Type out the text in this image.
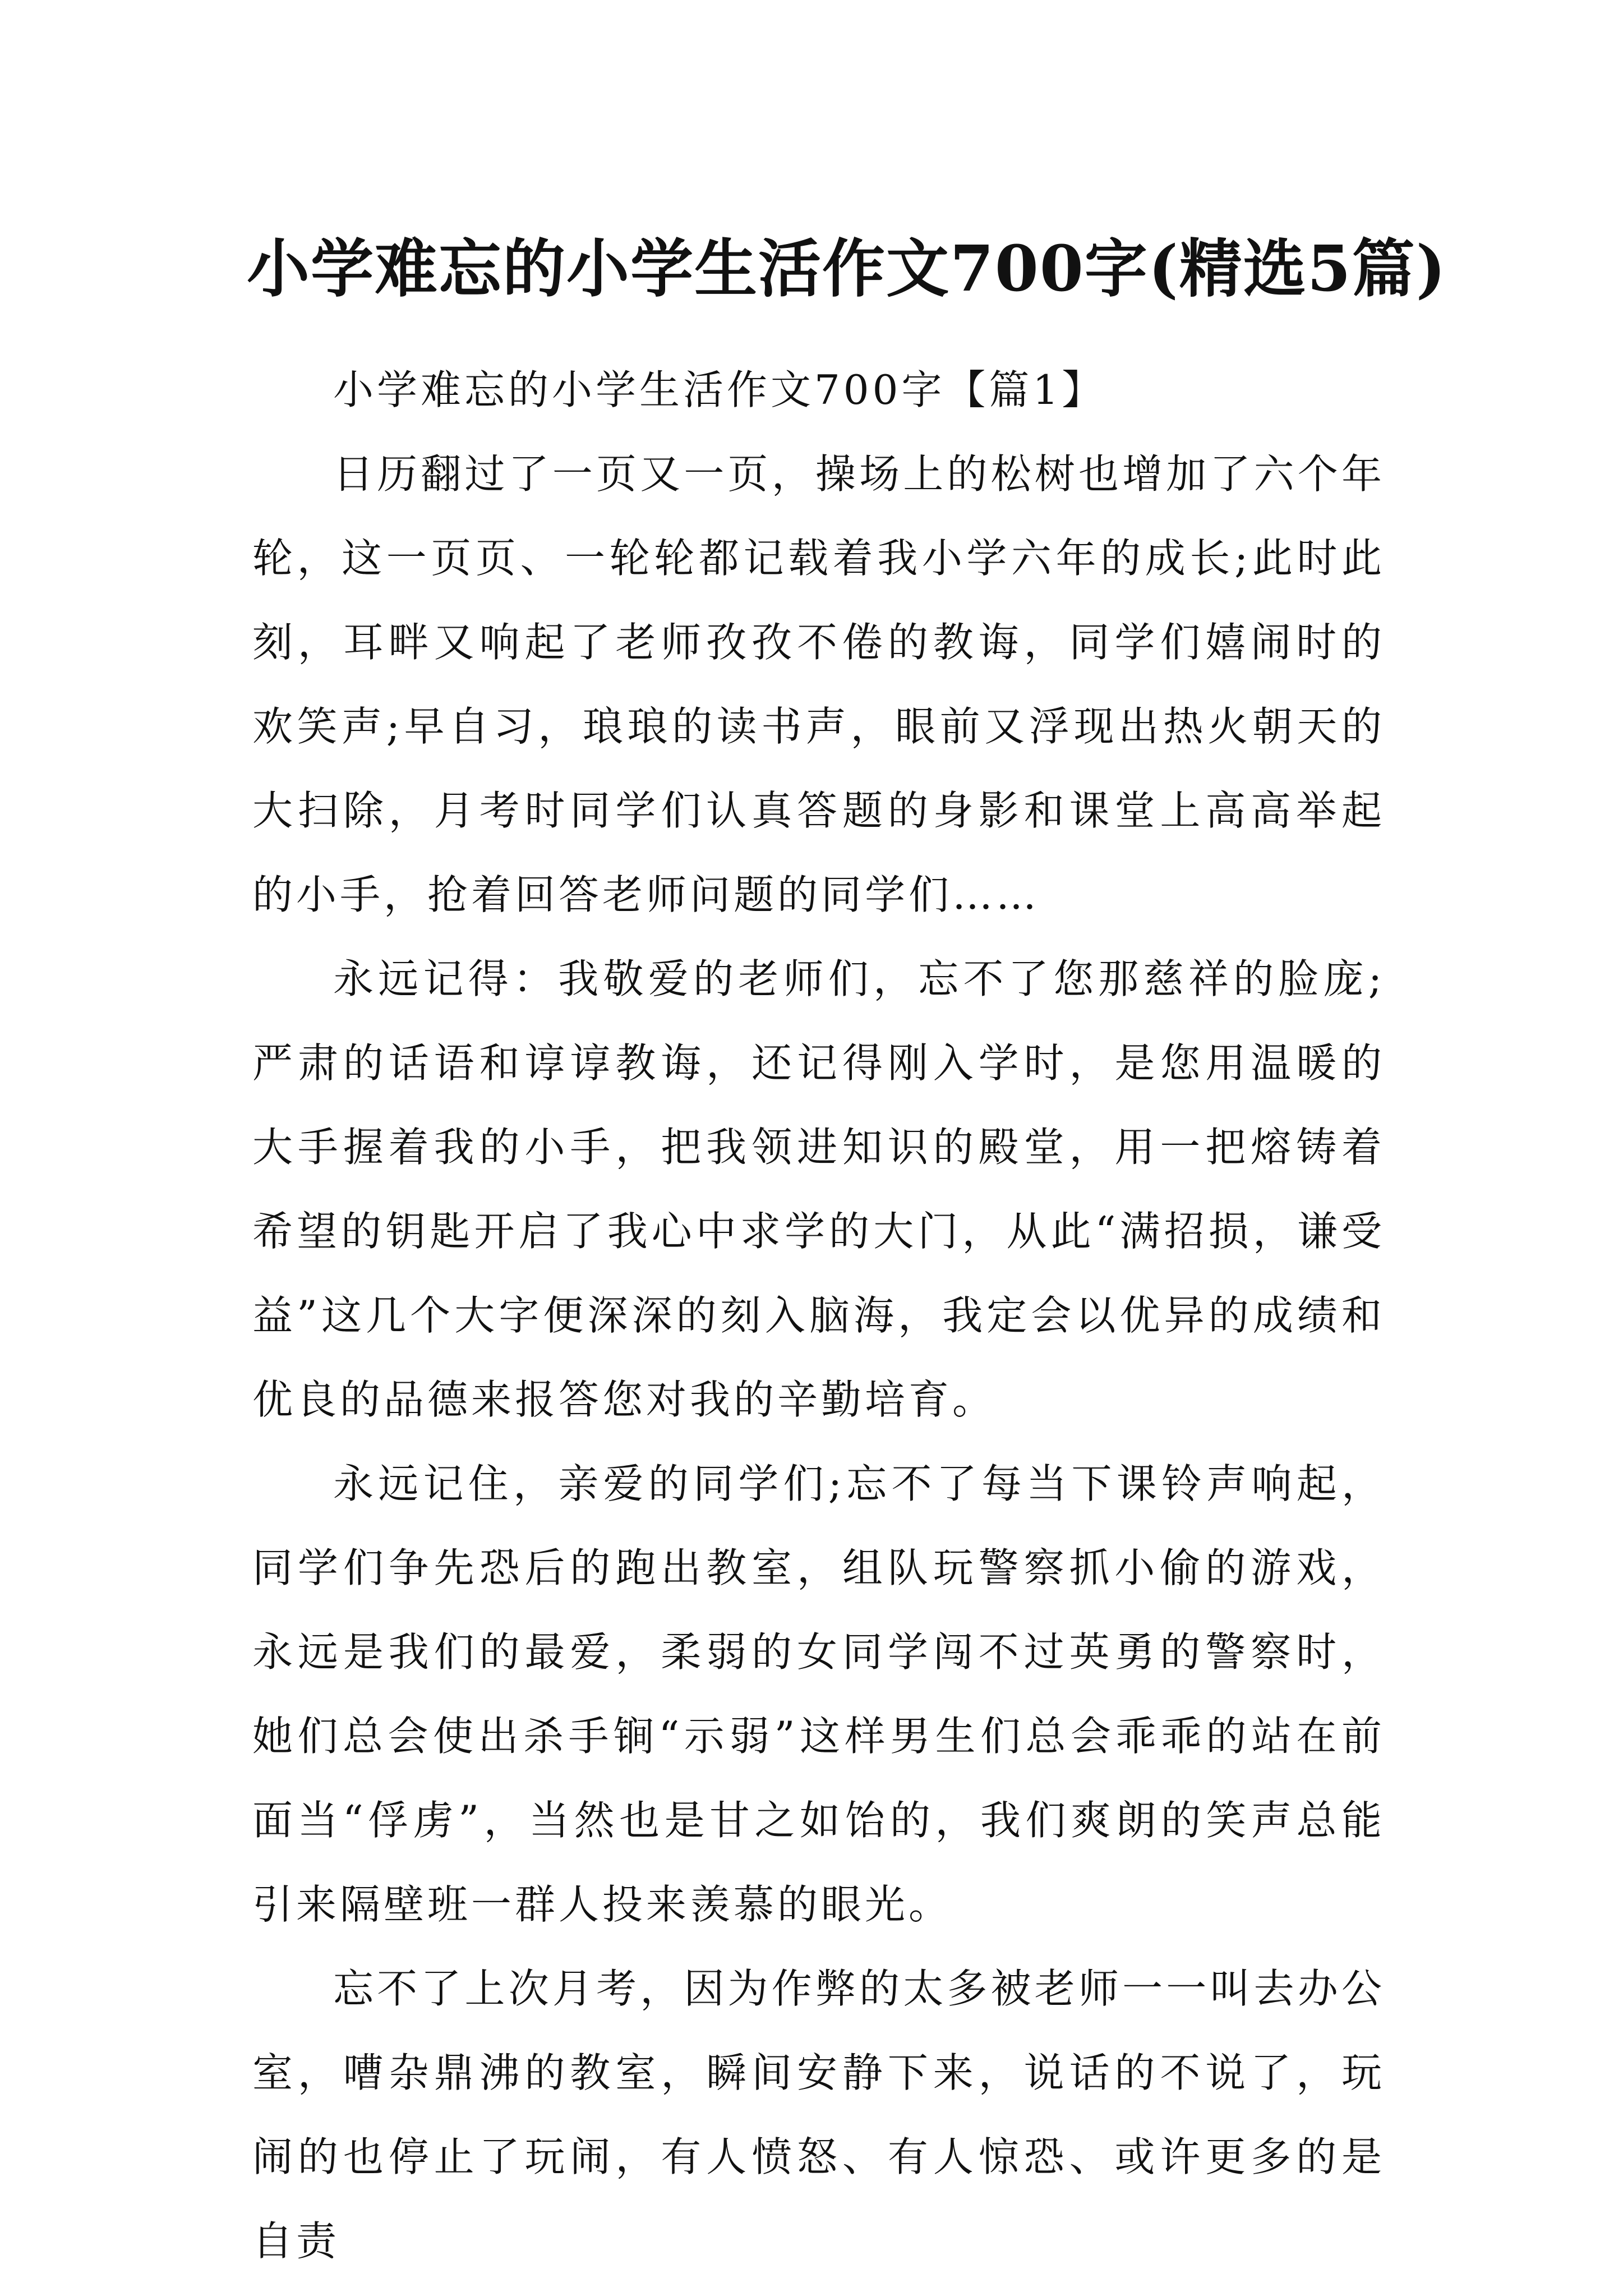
小学难忘的小学生活作文700字(精选5篇)

小学难忘的小学生活作文700字【篇1】

日历翻过了一页又一页，操场上的松树也增加了六个年轮，这一页页、一轮轮都记载着我小学六年的成长;此时此刻，耳畔又响起了老师孜孜不倦的教诲，同学们嬉闹时的欢笑声;早自习，琅琅的读书声，眼前又浮现出热火朝天的大扫除，月考时同学们认真答题的身影和课堂上高高举起的小手，抢着回答老师问题的同学们……

永远记得：我敬爱的老师们，忘不了您那慈祥的脸庞;严肃的话语和谆谆教诲，还记得刚入学时，是您用温暖的大手握着我的小手，把我领进知识的殿堂，用一把熔铸着希望的钥匙开启了我心中求学的大门，从此“满招损，谦受益”这几个大字便深深的刻入脑海，我定会以优异的成绩和优良的品德来报答您对我的辛勤培育。

永远记住，亲爱的同学们;忘不了每当下课铃声响起，同学们争先恐后的跑出教室，组队玩警察抓小偷的游戏，永远是我们的最爱，柔弱的女同学闯不过英勇的警察时，她们总会使出杀手锏“示弱”这样男生们总会乖乖的站在前面当“俘虏”，当然也是甘之如饴的，我们爽朗的笑声总能引来隔壁班一群人投来羡慕的眼光。

忘不了上次月考，因为作弊的太多被老师一一叫去办公室，嘈杂鼎沸的教室，瞬间安静下来，说话的不说了，玩闹的也停止了玩闹，有人愤怒、有人惊恐、或许更多的是自责
